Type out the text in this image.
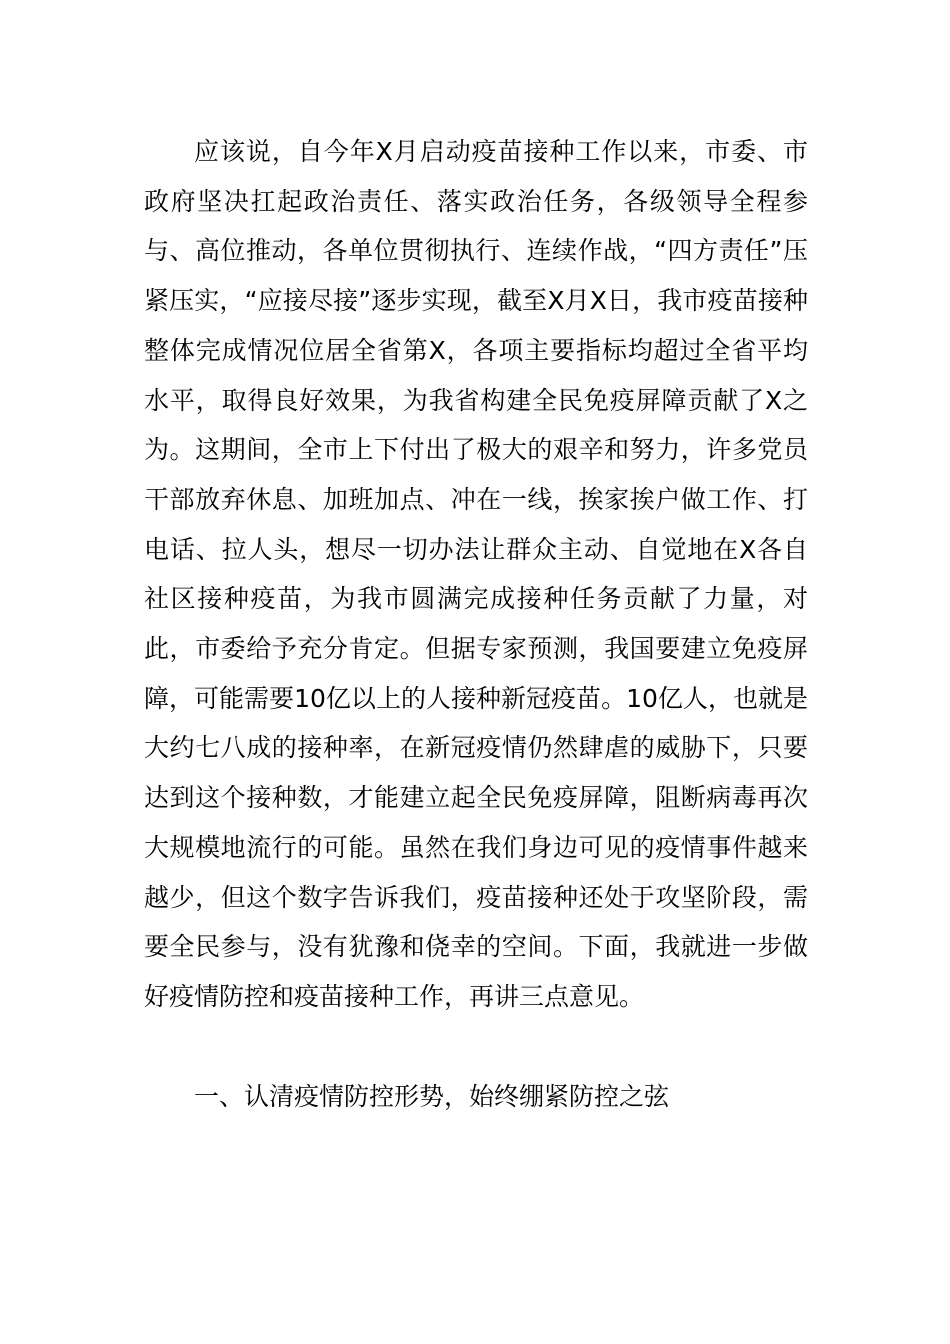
应该说，自今年X月启动疫苗接种工作以来，市委、市政府坚决扛起政治责任、落实政治任务，各级领导全程参与、高位推动，各单位贯彻执行、连续作战，“四方责任”压紧压实，“应接尽接”逐步实现，截至X月X日，我市疫苗接种整体完成情况位居全省第X，各项主要指标均超过全省平均水平，取得良好效果，为我省构建全民免疫屏障贡献了X之为。这期间，全市上下付出了极大的艰辛和努力，许多党员干部放弃休息、加班加点、冲在一线，挨家挨户做工作、打电话、拉人头，想尽一切办法让群众主动、自觉地在X各自社区接种疫苗，为我市圆满完成接种任务贡献了力量，对此，市委给予充分肯定。但据专家预测，我国要建立免疫屏障，可能需要10亿以上的人接种新冠疫苗。10亿人，也就是大约七八成的接种率，在新冠疫情仍然肆虐的威胁下，只要达到这个接种数，才能建立起全民免疫屏障，阻断病毒再次大规模地流行的可能。虽然在我们身边可见的疫情事件越来越少，但这个数字告诉我们，疫苗接种还处于攻坚阶段，需要全民参与，没有犹豫和侥幸的空间。下面，我就进一步做好疫情防控和疫苗接种工作，再讲三点意见。

一、认清疫情防控形势，始终绷紧防控之弦
